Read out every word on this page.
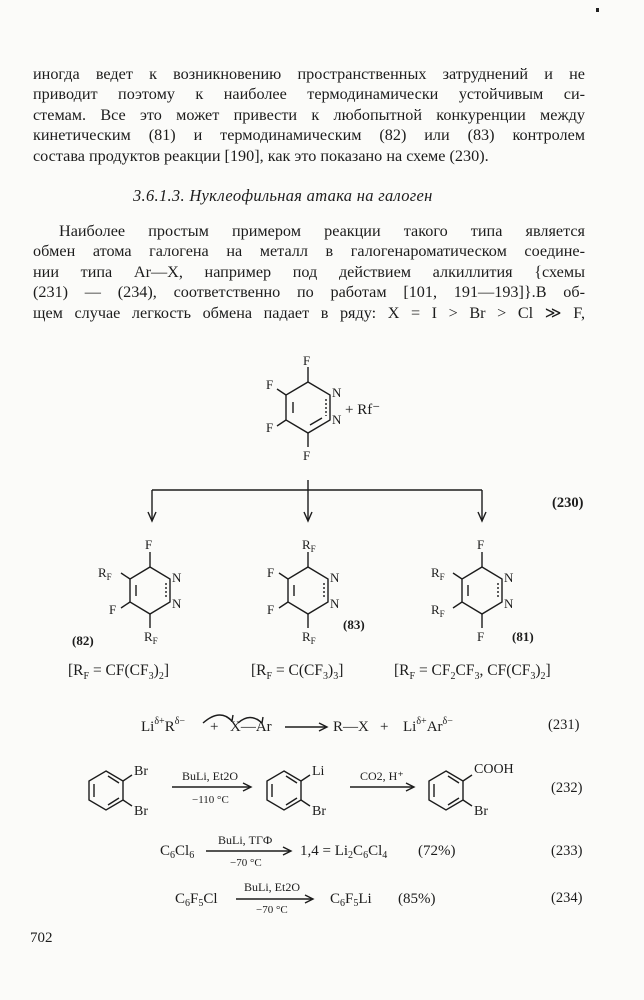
иногда ведет к возникновению пространственных затруднений и не
приводит поэтому к наиболее термодинамически устойчивым си-
стемам. Все это может привести к любопытной конкуренции между
кинетическим (81) и термодинамическим (82) или (83) контролем
состава продуктов реакции [190], как это показано на схеме (230).
3.6.1.3. Нуклеофильная атака на галоген
Наиболее простым примером реакции такого типа является
обмен атома галогена на металл в галогенароматическом соедине-
нии типа Ar—X, например под действием алкиллития {схемы
(231) — (234), соответственно по работам [101, 191—193]}.В об-
щем случае легкость обмена падает в ряду: X = I > Br > Cl ≫ F,
F
F
F
F
N
N
+ Rf⁻
F
$R_F$
F
$R_F$
N
N
$R_F$
F
F
$R_F$
N
N
F
$R_F$
$R_F$
F
N
N
Br
Br
Li
Br
COOH
Br
$Li^{\delta+}R^{\delta-}$ + X—Ar	R—X + $Li^{\delta+}Ar^{\delta-}$
BuLi, Et2O
−110 °C
CO2, H⁺
$C_6Cl_6$
BuLi, ТГФ
−70 °C
$1,4 = Li_2C_6Cl_4$ (72%)
$C_6F_5Cl$
BuLi, Et2O
−70 °C
$C_6F_5Li$ (85%)
(82)
(83)
(81)
(230)
$[R_F = CF(CF_3)_2]$	$[R_F = C(CF_3)_3]$	[$R_F = CF_2CF_3$, $CF(CF_3)_2$]
(231)
(232)
(233)
(234)
702
